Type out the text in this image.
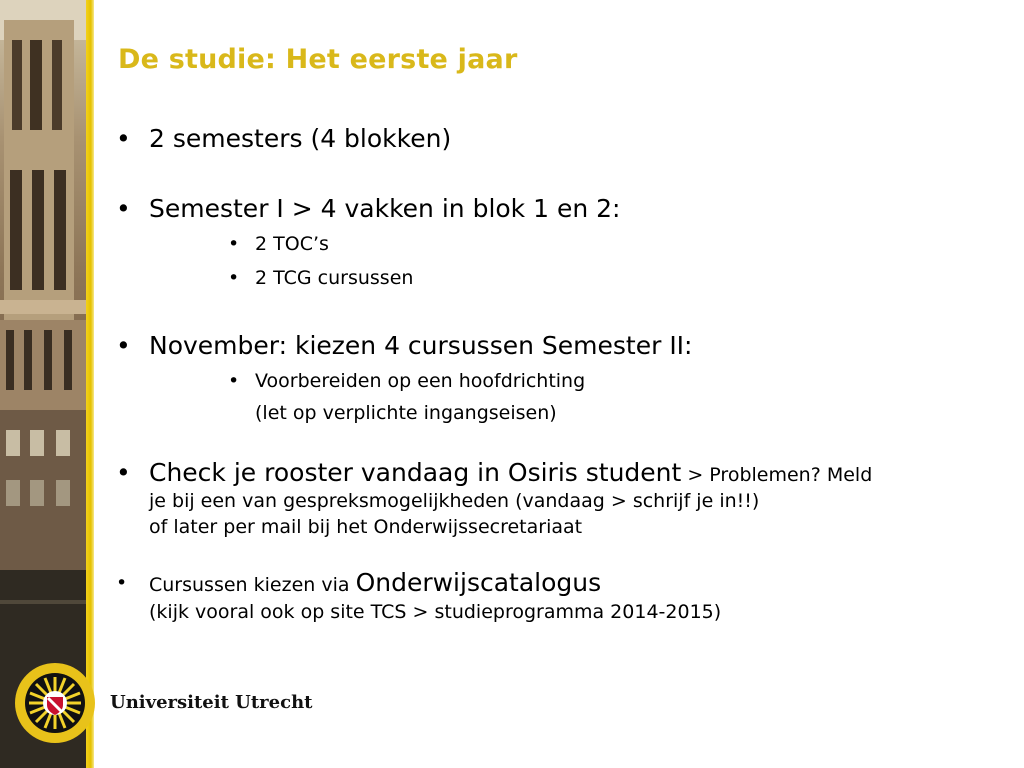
De studie: Het eerste jaar
• 2 semesters (4 blokken)
• Semester I > 4 vakken in blok 1 en 2:
• 2 TOC’s
• 2 TCG cursussen
• November: kiezen 4 cursussen Semester II:
• Voorbereiden op een hoofdrichting
(let op verplichte ingangseisen)
• Check je rooster vandaag in Osiris student > Problemen? Meld
je bij een van gespreksmogelijkheden (vandaag > schrijf je in!!)
of later per mail bij het Onderwijssecretariaat
• Cursussen kiezen via Onderwijscatalogus
(kijk vooral ook op site TCS > studieprogramma 2014-2015)
Universiteit Utrecht
